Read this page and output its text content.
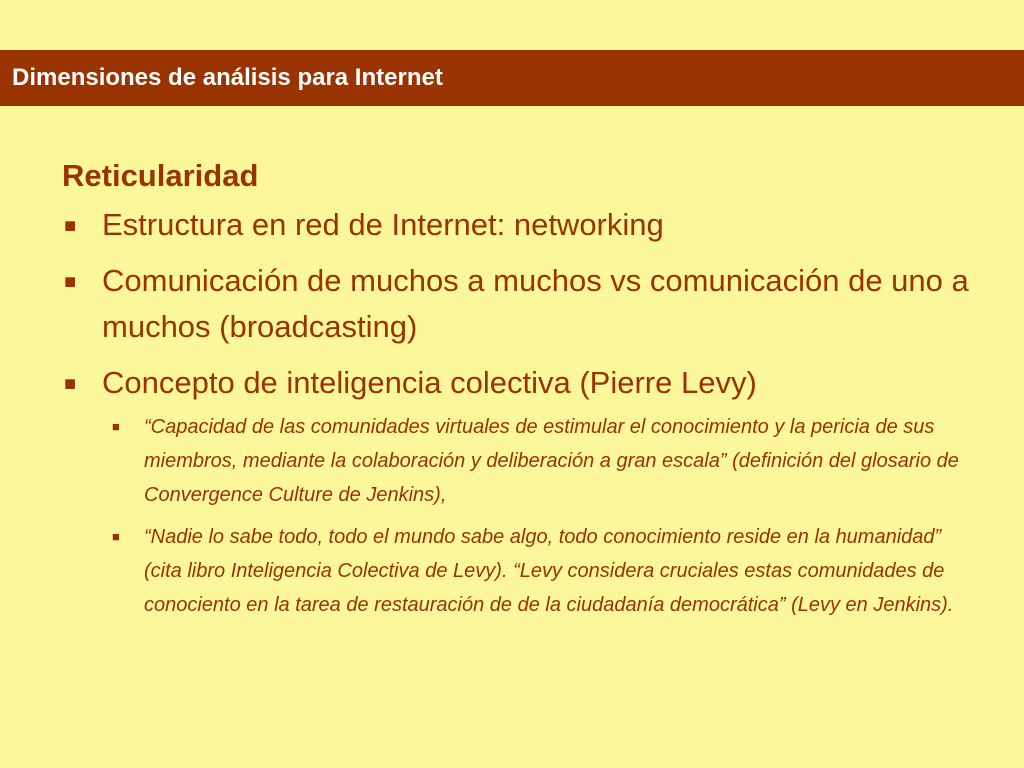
Dimensiones de análisis para Internet
Reticularidad
■ Estructura en red de Internet: networking
■ Comunicación de muchos a muchos vs comunicación de uno a muchos (broadcasting)
■ Concepto de inteligencia colectiva (Pierre Levy)
■ “Capacidad de las comunidades virtuales de estimular el conocimiento y la pericia de sus miembros, mediante la colaboración y deliberación a gran escala” (definición del glosario de Convergence Culture de Jenkins),
■ “Nadie lo sabe todo, todo el mundo sabe algo, todo conocimiento reside en la humanidad” (cita libro Inteligencia Colectiva de Levy). “Levy considera cruciales estas comunidades de conociento en la tarea de restauración de de la ciudadanía democrática” (Levy en Jenkins).
